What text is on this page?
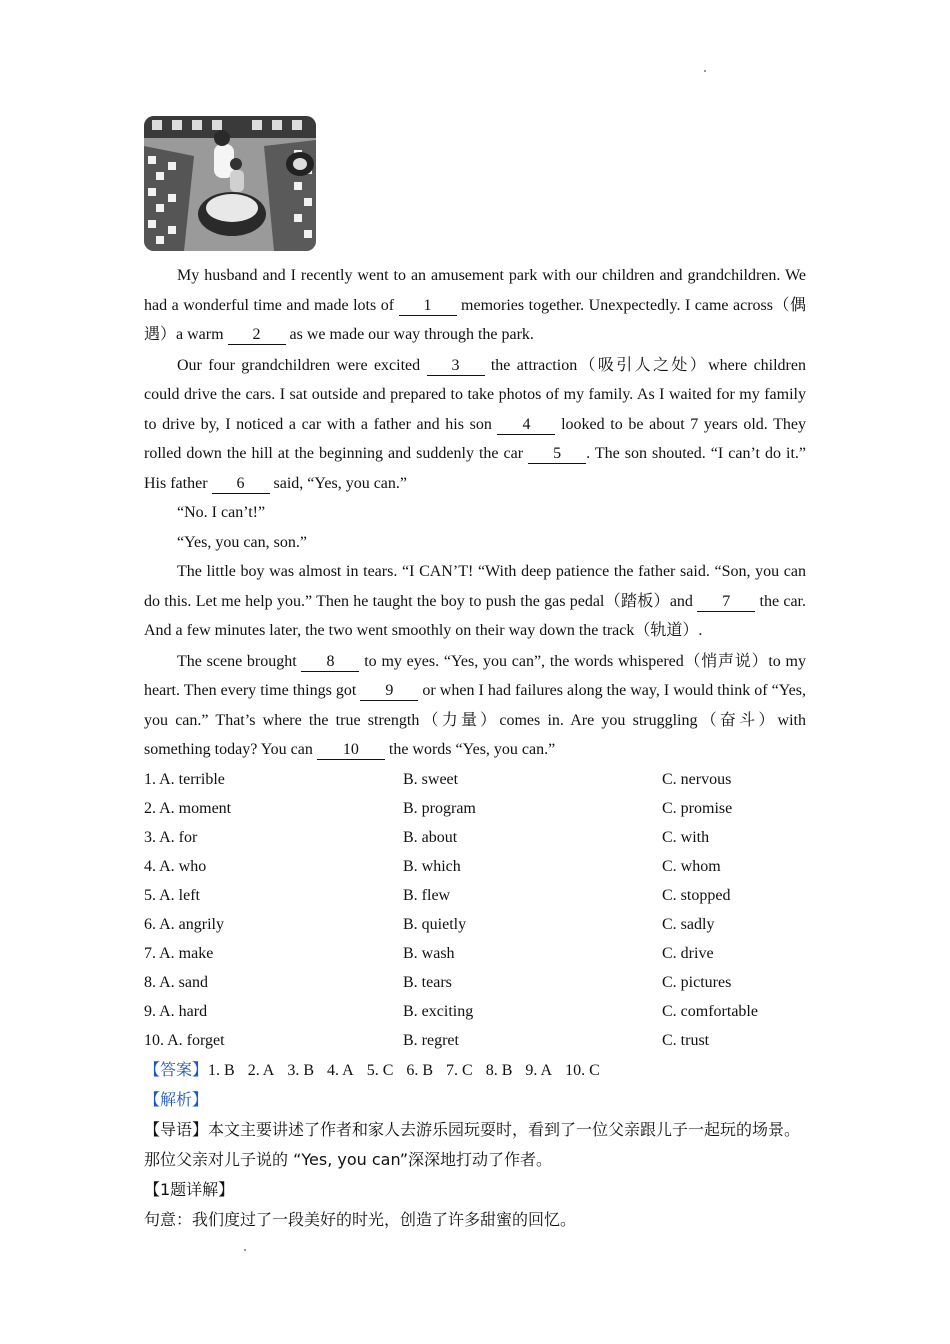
My husband and I recently went to an amusement park with our children and grandchildren. We had a wonderful time and made lots of 1 memories together. Unexpectedly. I came across（偶遇）a warm 2 as we made our way through the park.

Our four grandchildren were excited 3 the attraction（吸引人之处）where children could drive the cars. I sat outside and prepared to take photos of my family. As I waited for my family to drive by, I noticed a car with a father and his son 4 looked to be about 7 years old. They rolled down the hill at the beginning and suddenly the car 5 . The son shouted. “I can’t do it.” His father 6 said, “Yes, you can.”

“No. I can’t!”

“Yes, you can, son.”

The little boy was almost in tears. “I CAN’T! “With deep patience the father said. “Son, you can do this. Let me help you.” Then he taught the boy to push the gas pedal（踏板）and 7 the car. And a few minutes later, the two went smoothly on their way down the track（轨道）.

The scene brought 8 to my eyes. “Yes, you can”, the words whispered（悄声说）to my heart. Then every time things got 9 or when I had failures along the way, I would think of “Yes, you can.” That’s where the true strength（力量）comes in. Are you struggling（奋斗）with something today? You can 10 the words “Yes, you can.”

1. A. terrible	B. sweet	C. nervous
2. A. moment	B. program	C. promise
3. A. for	B. about	C. with
4. A. who	B. which	C. whom
5. A. left	B. flew	C. stopped
6. A. angrily	B. quietly	C. sadly
7. A. make	B. wash	C. drive
8. A. sand	B. tears	C. pictures
9. A. hard	B. exciting	C. comfortable
10. A. forget	B. regret	C. trust
【答案】1. B 2. A 3. B 4. A 5. C 6. B 7. C 8. B 9. A 10. C

【解析】

【导语】本文主要讲述了作者和家人去游乐园玩耍时，看到了一位父亲跟儿子一起玩的场景。那位父亲对儿子说的 “Yes, you can”深深地打动了作者。

【1题详解】

句意：我们度过了一段美好的时光，创造了许多甜蜜的回忆。
